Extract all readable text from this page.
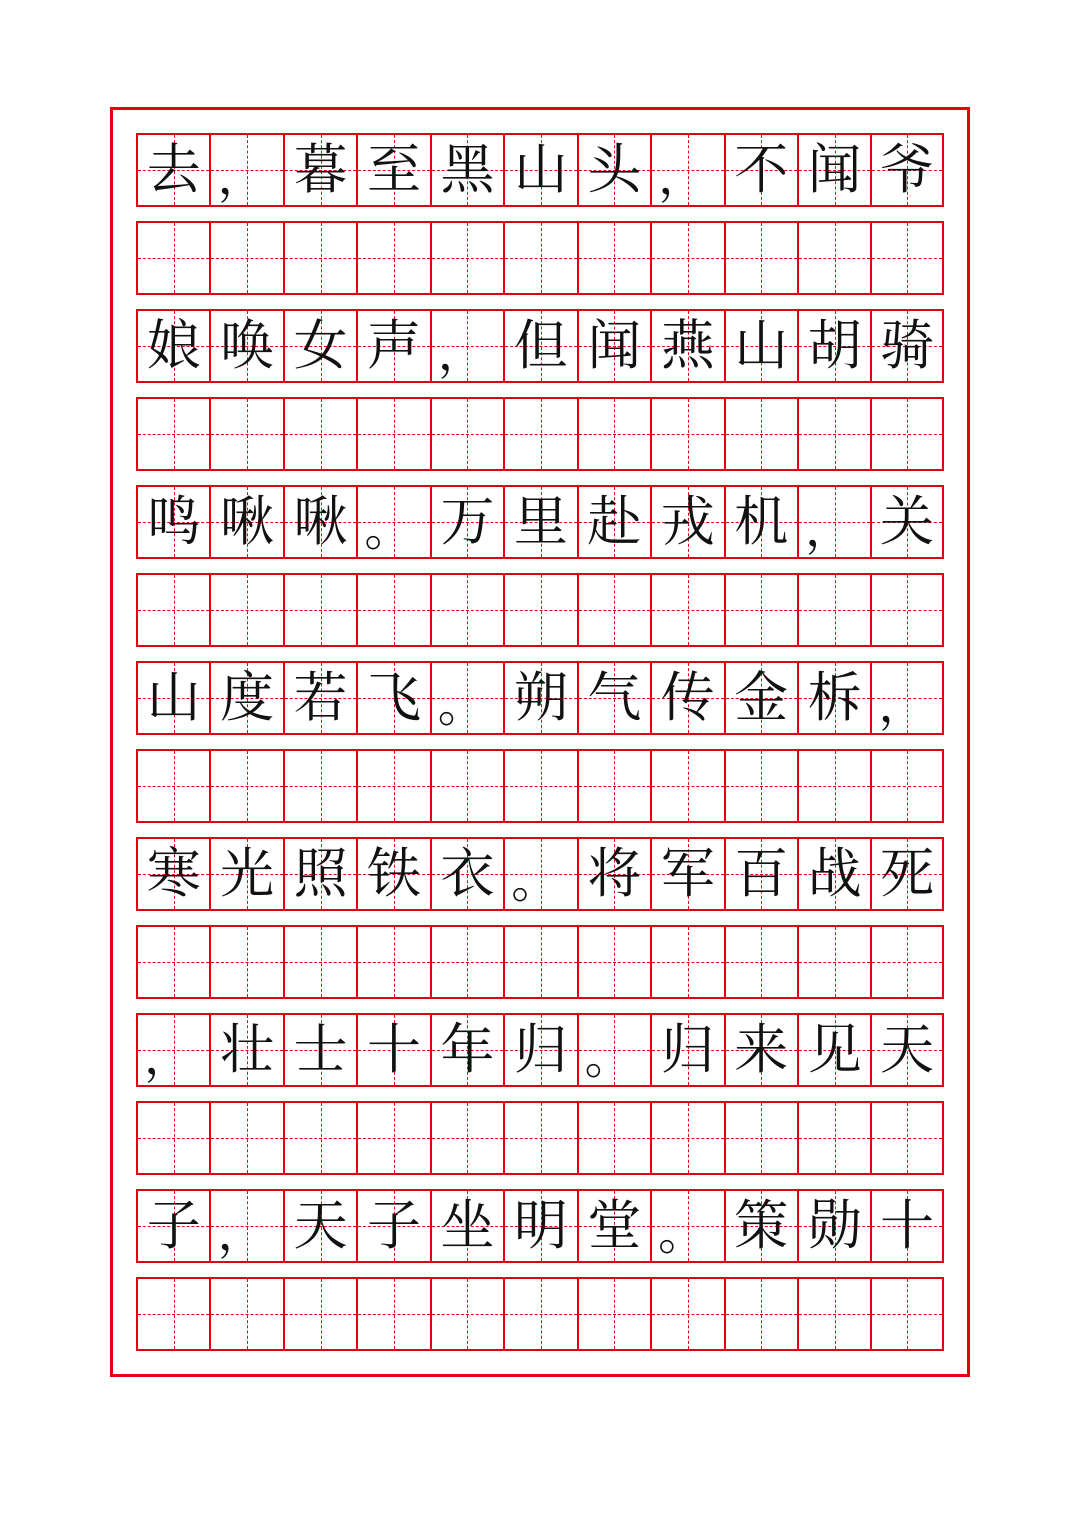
去 ， 暮 至 黑 山 头 ， 不 闻 爷
娘 唤 女 声 ， 但 闻 燕 山 胡 骑
鸣 啾 啾 。 万 里 赴 戎 机 ， 关
山 度 若 飞 。 朔 气 传 金 柝 ，
寒 光 照 铁 衣 。 将 军 百 战 死
， 壮 士 十 年 归 。 归 来 见 天
子 ， 天 子 坐 明 堂 。 策 勋 十
